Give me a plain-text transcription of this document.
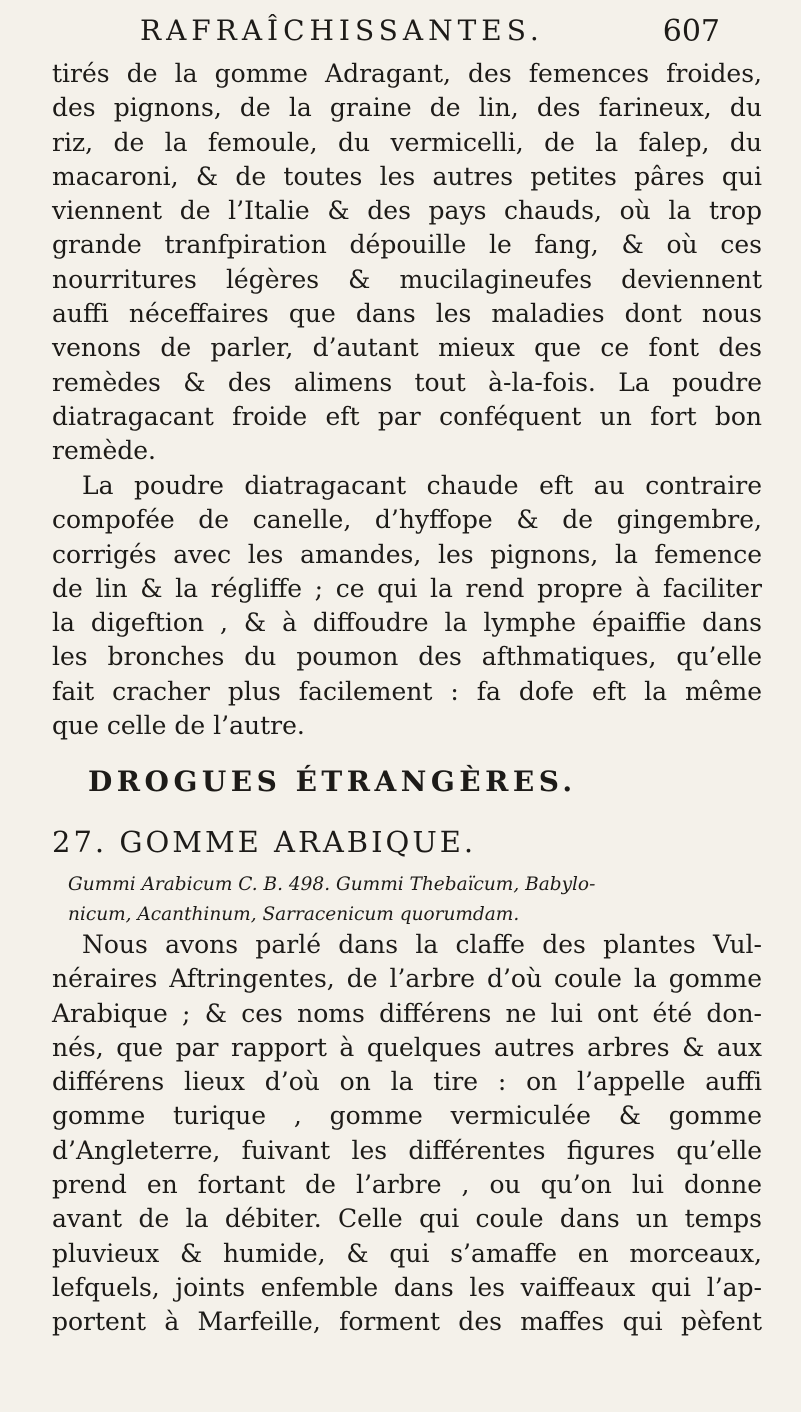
RAFRAÎCHISSANTES.	607
tirés de la gomme Adragant, des femences froides,
des pignons, de la graine de lin, des farineux, du
riz, de la femoule, du vermicelli, de la falep, du
macaroni, & de toutes les autres petites pâres qui
viennent de l’Italie & des pays chauds, où la trop
grande tranfpiration dépouille le fang, & où ces
nourritures légères & mucilagineufes deviennent
auffi néceffaires que dans les maladies dont nous
venons de parler, d’autant mieux que ce font des
remèdes & des alimens tout à-la-fois. La poudre
diatragacant froide eft par conféquent un fort bon
remède.
La poudre diatragacant chaude eft au contraire
compofée de canelle, d’hyffope & de gingembre,
corrigés avec les amandes, les pignons, la femence
de lin & la régliffe ; ce qui la rend propre à faciliter
la digeftion , & à diffoudre la lymphe épaiffie dans
les bronches du poumon des afthmatiques, qu’elle
fait cracher plus facilement : fa dofe eft la même
que celle de l’autre.
DROGUES ÉTRANGÈRES.
27. GOMME ARABIQUE.
Gummi Arabicum C. B. 498. Gummi Thebaïcum, Babylo-
nicum, Acanthinum, Sarracenicum quorumdam.
Nous avons parlé dans la claffe des plantes Vul-
néraires Aftringentes, de l’arbre d’où coule la gomme
Arabique ; & ces noms différens ne lui ont été don-
nés, que par rapport à quelques autres arbres & aux
différens lieux d’où on la tire : on l’appelle auffi
gomme turique , gomme vermiculée & gomme
d’Angleterre, fuivant les différentes figures qu’elle
prend en fortant de l’arbre , ou qu’on lui donne
avant de la débiter. Celle qui coule dans un temps
pluvieux & humide, & qui s’amaffe en morceaux,
lefquels, joints enfemble dans les vaiffeaux qui l’ap-
portent à Marfeille, forment des maffes qui pèfent
